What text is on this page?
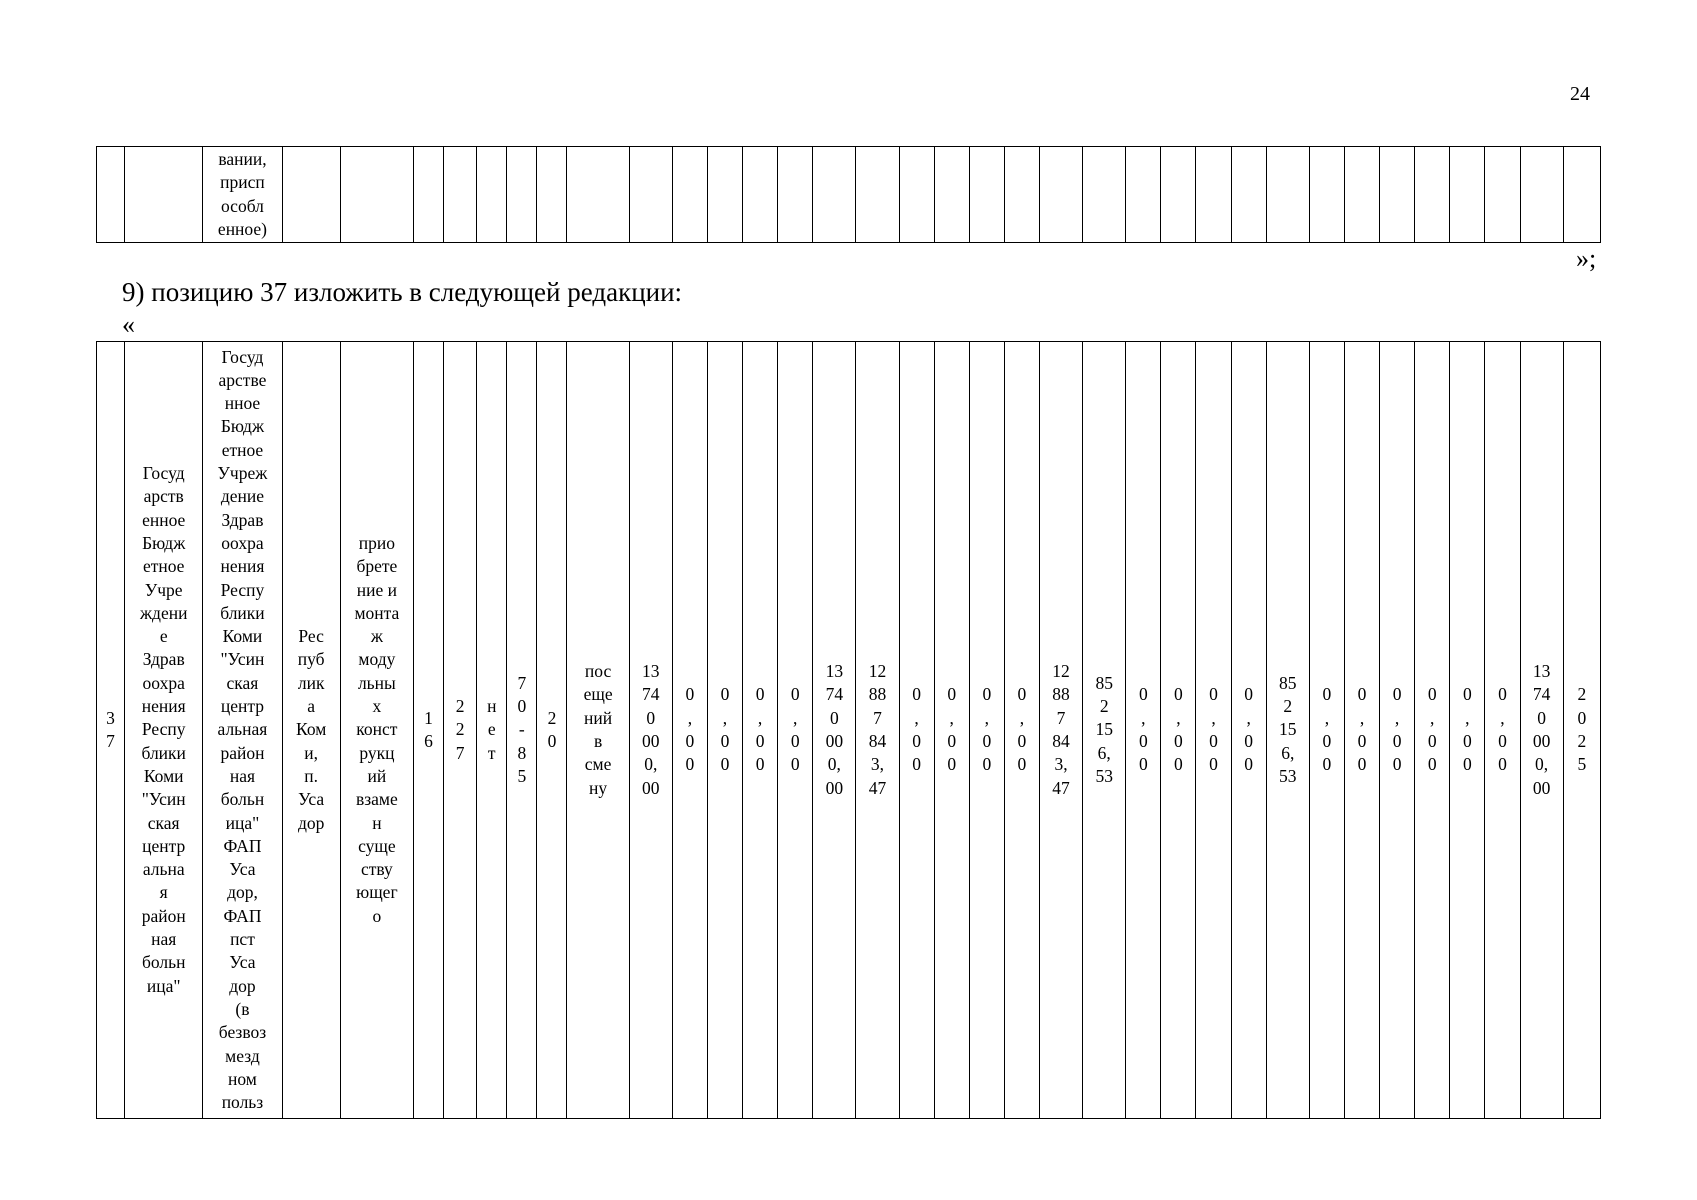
24
		вании,
присп
особл
енное)																																		
»;
9) позицию 37 изложить в следующей редакции:
«
3
7	Госуд
арств
енное
Бюдж
етное
Учре
ждени
е
Здрав
оохра
нения
Респу
блики
Коми
"Усин
ская
центр
альна
я
район
ная
больн
ица"	Госуд
арстве
нное
Бюдж
етное
Учреж
дение
Здрав
оохра
нения
Респу
блики
Коми
"Усин
ская
центр
альная
район
ная
больн
ица"
ФАП
Уса
дор,
ФАП
пст
Уса
дор
(в
безвоз
мезд
ном
польз	Рес
пуб
лик
а
Ком
и,
п.
Уса
дор	прио
брете
ние и
монта
ж
моду
льны
х
конст
рукц
ий
взаме
н
суще
ству
ющег
о	1
6	2
2
7	н
е
т	7
0
-
8
5	2
0	пос
еще
ний
в
сме
ну	13
74
0
00
0,
00	0
,
0
0	0
,
0
0	0
,
0
0	0
,
0
0	13
74
0
00
0,
00	12
88
7
84
3,
47	0
,
0
0	0
,
0
0	0
,
0
0	0
,
0
0	12
88
7
84
3,
47	85
2
15
6,
53	0
,
0
0	0
,
0
0	0
,
0
0	0
,
0
0	85
2
15
6,
53	0
,
0
0	0
,
0
0	0
,
0
0	0
,
0
0	0
,
0
0	0
,
0
0	13
74
0
00
0,
00	2
0
2
5
